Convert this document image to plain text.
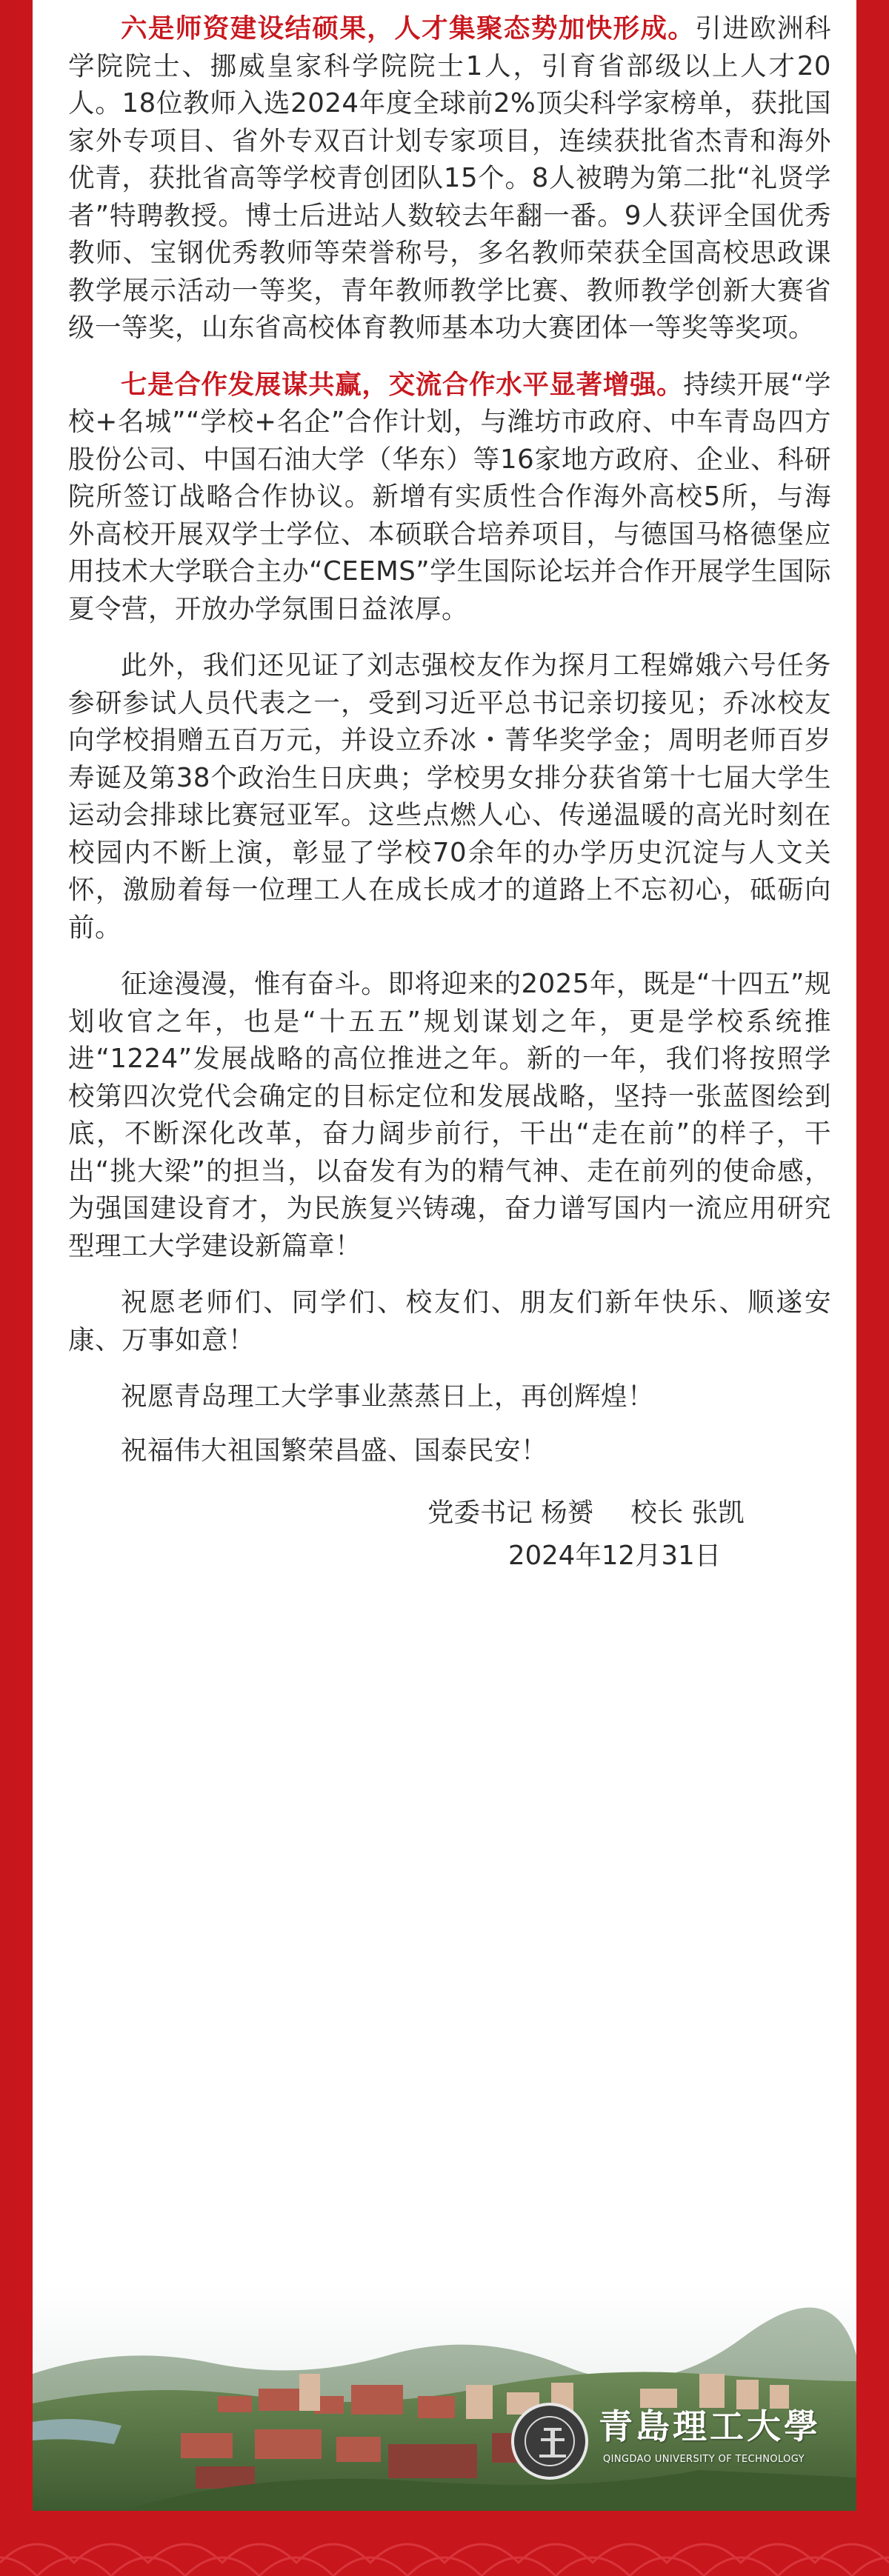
六是师资建设结硕果，人才集聚态势加快形成。引进欧洲科学院院士、挪威皇家科学院院士1人，引育省部级以上人才20人。18位教师入选2024年度全球前2%顶尖科学家榜单，获批国家外专项目、省外专双百计划专家项目，连续获批省杰青和海外优青，获批省高等学校青创团队15个。8人被聘为第二批“礼贤学者”特聘教授。博士后进站人数较去年翻一番。9人获评全国优秀教师、宝钢优秀教师等荣誉称号，多名教师荣获全国高校思政课教学展示活动一等奖，青年教师教学比赛、教师教学创新大赛省级一等奖，山东省高校体育教师基本功大赛团体一等奖等奖项。

七是合作发展谋共赢，交流合作水平显著增强。持续开展“学校+名城”“学校+名企”合作计划，与潍坊市政府、中车青岛四方股份公司、中国石油大学（华东）等16家地方政府、企业、科研院所签订战略合作协议。新增有实质性合作海外高校5所，与海外高校开展双学士学位、本硕联合培养项目，与德国马格德堡应用技术大学联合主办“CEEMS”学生国际论坛并合作开展学生国际夏令营，开放办学氛围日益浓厚。

此外，我们还见证了刘志强校友作为探月工程嫦娥六号任务参研参试人员代表之一，受到习近平总书记亲切接见；乔冰校友向学校捐赠五百万元，并设立乔冰・菁华奖学金；周明老师百岁寿诞及第38个政治生日庆典；学校男女排分获省第十七届大学生运动会排球比赛冠亚军。这些点燃人心、传递温暖的高光时刻在校园内不断上演，彰显了学校70余年的办学历史沉淀与人文关怀，激励着每一位理工人在成长成才的道路上不忘初心，砥砺向前。

征途漫漫，惟有奋斗。即将迎来的2025年，既是“十四五”规划收官之年，也是“十五五”规划谋划之年，更是学校系统推进“1224”发展战略的高位推进之年。新的一年，我们将按照学校第四次党代会确定的目标定位和发展战略，坚持一张蓝图绘到底，不断深化改革，奋力阔步前行，干出“走在前”的样子，干出“挑大梁”的担当，以奋发有为的精气神、走在前列的使命感，为强国建设育才，为民族复兴铸魂，奋力谱写国内一流应用研究型理工大学建设新篇章！

祝愿老师们、同学们、校友们、朋友们新年快乐、顺遂安康、万事如意！

祝愿青岛理工大学事业蒸蒸日上，再创辉煌！

祝福伟大祖国繁荣昌盛、国泰民安！

党委书记 杨赟 校长 张凯
2024年12月31日
青島理工大學
QINGDAO UNIVERSITY OF TECHNOLOGY
